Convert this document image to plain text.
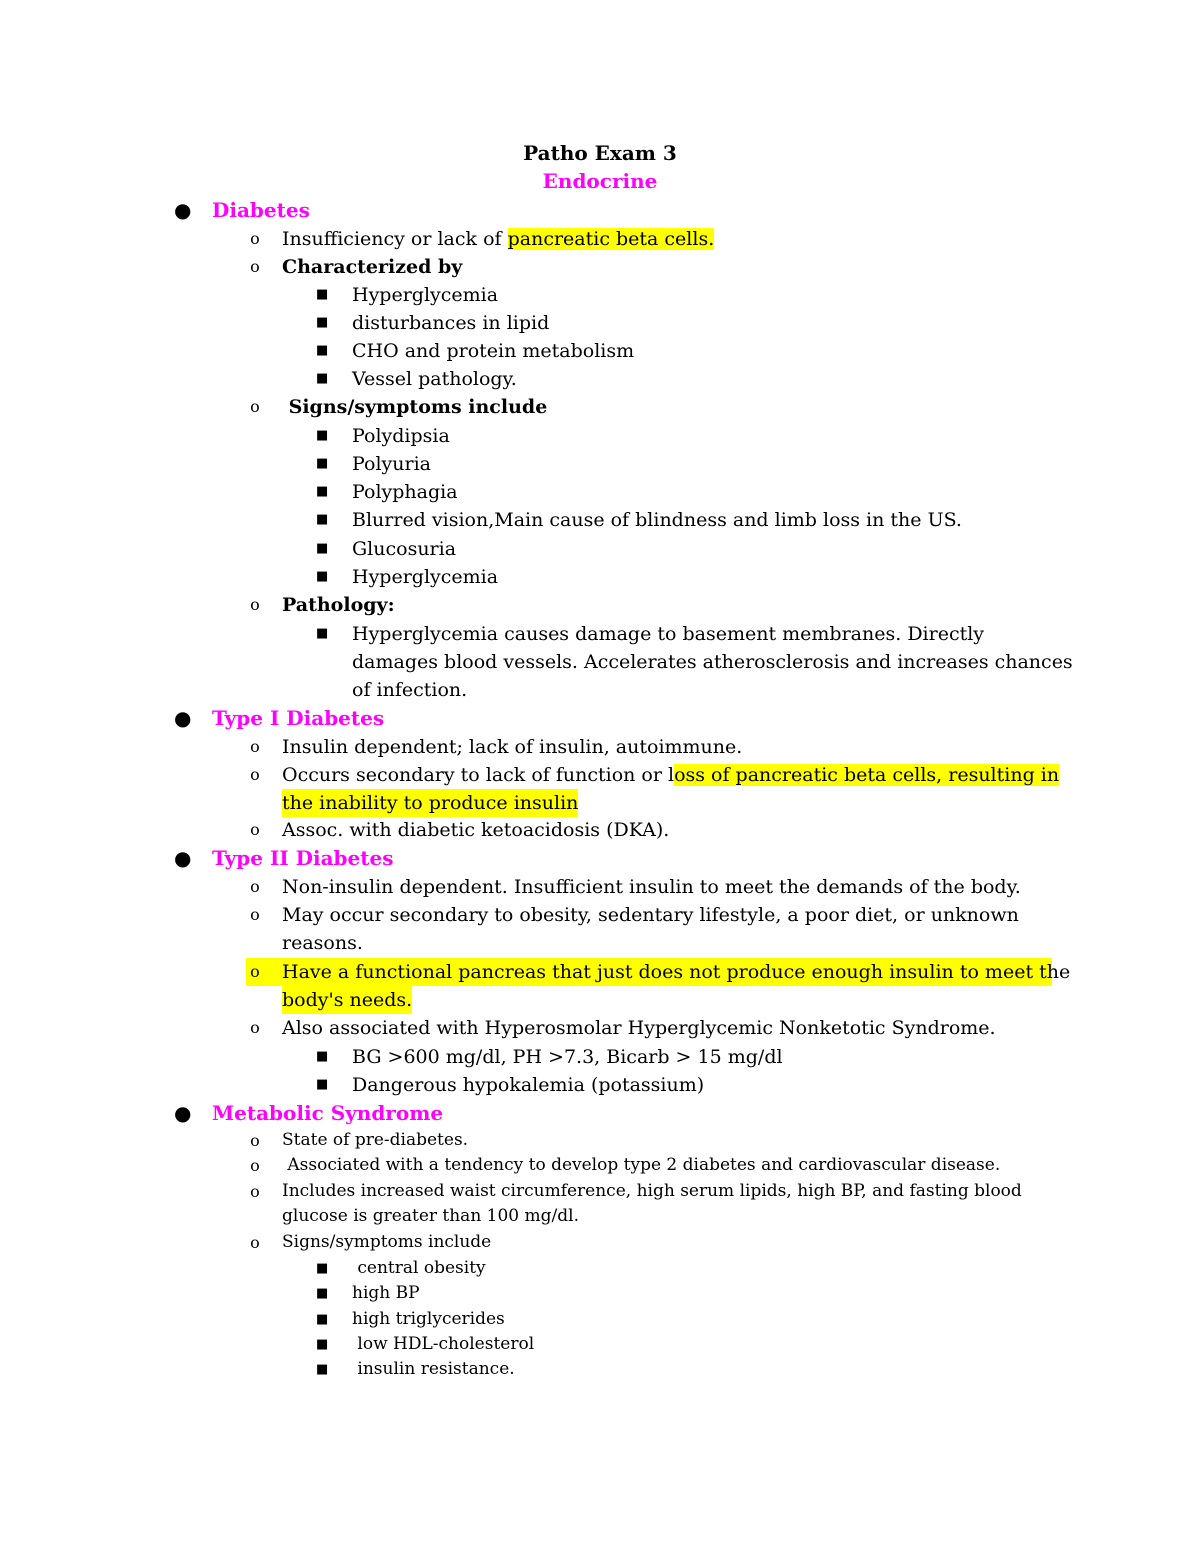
Patho Exam 3
Endocrine
● Diabetes
o Insufficiency or lack of pancreatic beta cells.
o Characterized by
■ Hyperglycemia
■ disturbances in lipid
■ CHO and protein metabolism
■ Vessel pathology.
o Signs/symptoms include
■ Polydipsia
■ Polyuria
■ Polyphagia
■ Blurred vision,Main cause of blindness and limb loss in the US.
■ Glucosuria
■ Hyperglycemia
o Pathology:
■ Hyperglycemia causes damage to basement membranes. Directly
damages blood vessels. Accelerates atherosclerosis and increases chances
of infection.
● Type I Diabetes
o Insulin dependent; lack of insulin, autoimmune.
o Occurs secondary to lack of function or loss of pancreatic beta cells, resulting in
the inability to produce insulin
o Assoc. with diabetic ketoacidosis (DKA).
● Type II Diabetes
o Non-insulin dependent. Insufficient insulin to meet the demands of the body.
o May occur secondary to obesity, sedentary lifestyle, a poor diet, or unknown
reasons.
o Have a functional pancreas that just does not produce enough insulin to meet the
body's needs.
o Also associated with Hyperosmolar Hyperglycemic Nonketotic Syndrome.
■ BG >600 mg/dl, PH >7.3, Bicarb > 15 mg/dl
■ Dangerous hypokalemia (potassium)
● Metabolic Syndrome
o State of pre-diabetes.
o Associated with a tendency to develop type 2 diabetes and cardiovascular disease.
o Includes increased waist circumference, high serum lipids, high BP, and fasting blood
glucose is greater than 100 mg/dl.
o Signs/symptoms include
■ central obesity
■ high BP
■ high triglycerides
■ low HDL-cholesterol
■ insulin resistance.
